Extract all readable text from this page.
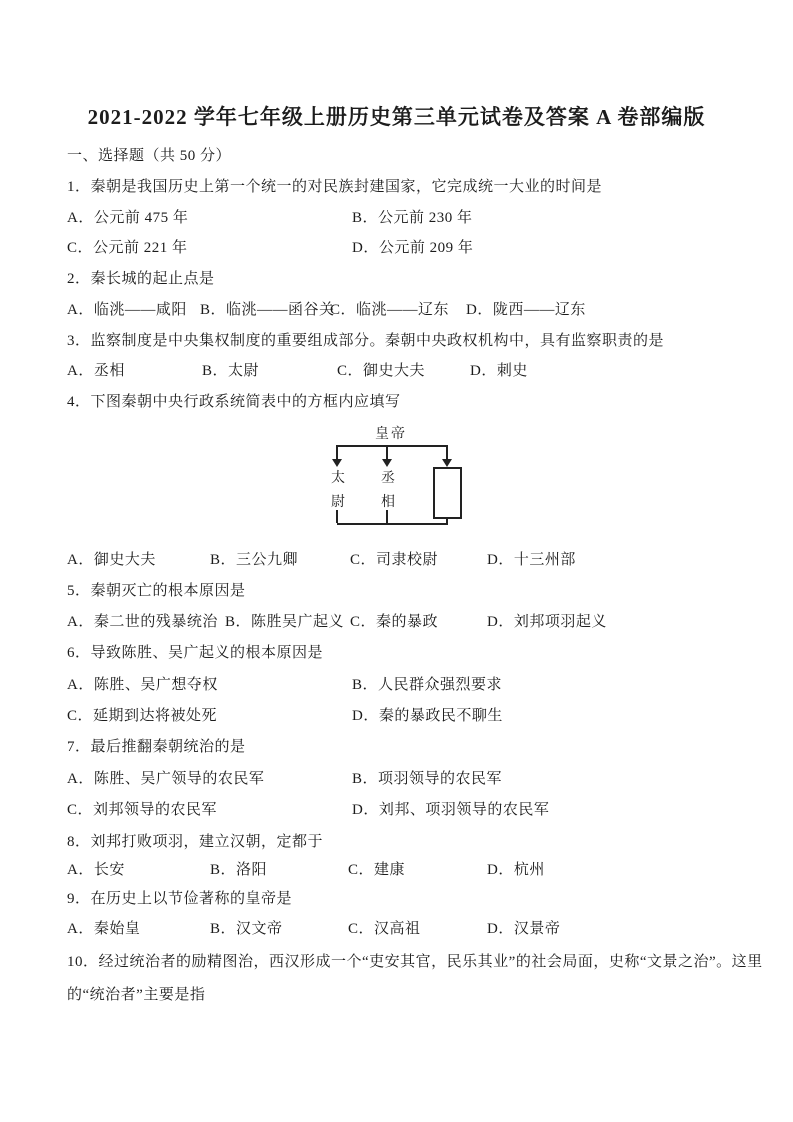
2021-2022 学年七年级上册历史第三单元试卷及答案 A 卷部编版
一、选择题（共 50 分）
1．秦朝是我国历史上第一个统一的对民族封建国家，它完成统一大业的时间是
A．公元前 475 年	B．公元前 230 年
C．公元前 221 年	D．公元前 209 年
2．秦长城的起止点是
A．临洮——咸阳 B．临洮——函谷关
C．临洮——辽东 D．陇西——辽东
3．监察制度是中央集权制度的重要组成部分。秦朝中央政权机构中，具有监察职责的是
A．丞相	B．太尉	C．御史大夫	D．刺史
4．下图秦朝中央行政系统简表中的方框内应填写
皇帝
太
尉
丞
相
A．御史大夫	B．三公九卿	C．司隶校尉	D．十三州部
5．秦朝灭亡的根本原因是
A．秦二世的残暴统治 B．陈胜吴广起义 C．秦的暴政	D．刘邦项羽起义
6．导致陈胜、吴广起义的根本原因是
A．陈胜、吴广想夺权	B．人民群众强烈要求
C．延期到达将被处死	D．秦的暴政民不聊生
7．最后推翻秦朝统治的是
A．陈胜、吴广领导的农民军	B．项羽领导的农民军
C．刘邦领导的农民军	D．刘邦、项羽领导的农民军
8．刘邦打败项羽，建立汉朝，定都于
A．长安	B．洛阳	C．建康	D．杭州
9．在历史上以节俭著称的皇帝是
A．秦始皇	B．汉文帝	C．汉高祖	D．汉景帝
10．经过统治者的励精图治，西汉形成一个“吏安其官，民乐其业”的社会局面，史称“文景之治”。这里
的“统治者”主要是指
